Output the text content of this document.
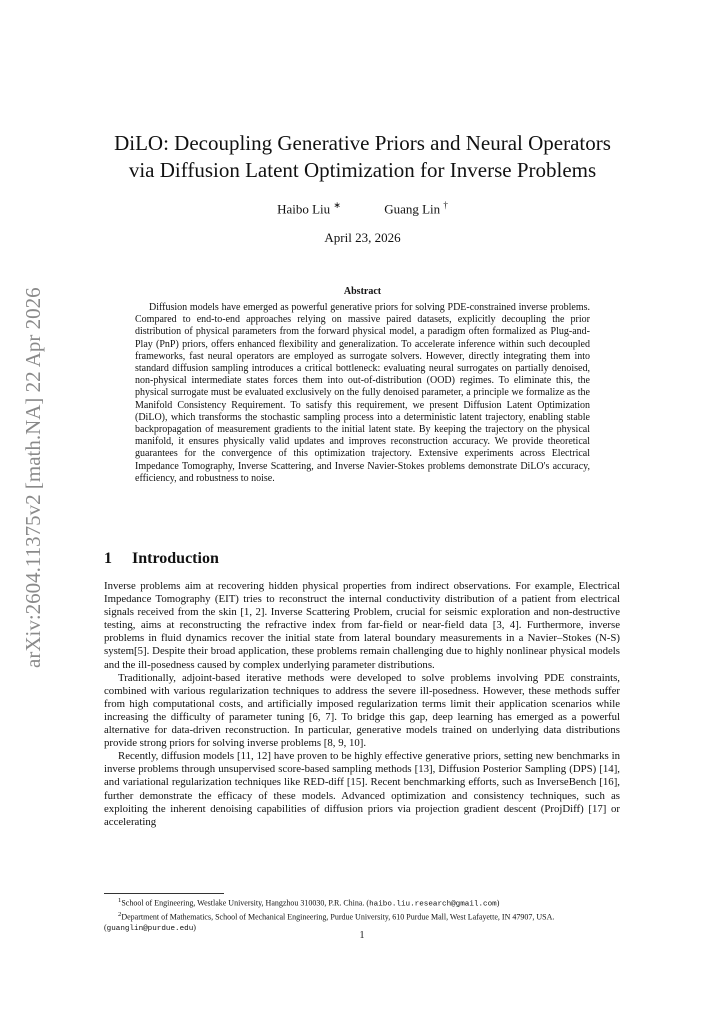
arXiv:2604.11375v2 [math.NA] 22 Apr 2026
DiLO: Decoupling Generative Priors and Neural Operators
via Diffusion Latent Optimization for Inverse Problems
Haibo Liu ∗	Guang Lin †
April 23, 2026
Abstract
Diffusion models have emerged as powerful generative priors for solving PDE-constrained inverse problems. Compared to end-to-end approaches relying on massive paired datasets, explicitly decoupling the prior distribution of physical parameters from the forward physical model, a paradigm often formalized as Plug-and-Play (PnP) priors, offers enhanced flexibility and generalization. To accelerate inference within such decoupled frameworks, fast neural operators are employed as surrogate solvers. However, directly integrating them into standard diffusion sampling introduces a critical bottleneck: evaluating neural surrogates on partially denoised, non-physical intermediate states forces them into out-of-distribution (OOD) regimes. To eliminate this, the physical surrogate must be evaluated exclusively on the fully denoised parameter, a principle we formalize as the Manifold Consistency Requirement. To satisfy this requirement, we present Diffusion Latent Optimization (DiLO), which transforms the stochastic sampling process into a deterministic latent trajectory, enabling stable backpropagation of measurement gradients to the initial latent state. By keeping the trajectory on the physical manifold, it ensures physically valid updates and improves reconstruction accuracy. We provide theoretical guarantees for the convergence of this optimization trajectory. Extensive experiments across Electrical Impedance Tomography, Inverse Scattering, and Inverse Navier-Stokes problems demonstrate DiLO's accuracy, efficiency, and robustness to noise.
1 Introduction

Inverse problems aim at recovering hidden physical properties from indirect observations. For example, Electrical Impedance Tomography (EIT) tries to reconstruct the internal conductivity distribution of a patient from electrical signals received from the skin [1, 2]. Inverse Scattering Problem, crucial for seismic exploration and non-destructive testing, aims at reconstructing the refractive index from far-field or near-field data [3, 4]. Furthermore, inverse problems in fluid dynamics recover the initial state from lateral boundary measurements in a Navier–Stokes (N-S) system[5]. Despite their broad application, these problems remain challenging due to highly nonlinear physical models and the ill-posedness caused by complex underlying parameter distributions.

Traditionally, adjoint-based iterative methods were developed to solve problems involving PDE constraints, combined with various regularization techniques to address the severe ill-posedness. However, these methods suffer from high computational costs, and artificially imposed regularization terms limit their application scenarios while increasing the difficulty of parameter tuning [6, 7]. To bridge this gap, deep learning has emerged as a powerful alternative for data-driven reconstruction. In particular, generative models trained on underlying data distributions provide strong priors for solving inverse problems [8, 9, 10].

Recently, diffusion models [11, 12] have proven to be highly effective generative priors, setting new benchmarks in inverse problems through unsupervised score-based sampling methods [13], Diffusion Posterior Sampling (DPS) [14], and variational regularization techniques like RED-diff [15]. Recent benchmarking efforts, such as InverseBench [16], further demonstrate the efficacy of these models. Advanced optimization and consistency techniques, such as exploiting the inherent denoising capabilities of diffusion priors via projection gradient descent (ProjDiff) [17] or accelerating

$^1$School of Engineering, Westlake University, Hangzhou 310030, P.R. China. (haibo.liu.research@gmail.com)

$^2$Department of Mathematics, School of Mechanical Engineering, Purdue University, 610 Purdue Mall, West Lafayette, IN 47907, USA. (guanglin@purdue.edu)

1
